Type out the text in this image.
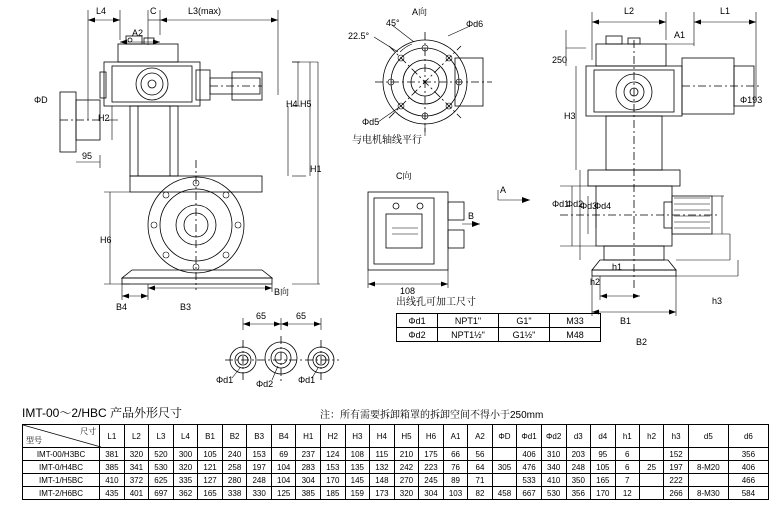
L4	C	L3(max)
A2
ΦD
H2
H4 H5
H1
H6
95
B4	B3
A向
45°
22.5°
Φd5
Φd6
与电机轴线平行
C向
B
108
A
L2	L1
A1
250
H3
Φ193
Φd1
Φd2
Φd3
Φd4
h1
h2
h3
B1
B2
B向
65	65
Φd1	Φd2	Φd1
出线孔可加工尺寸
Φd1	NPT1"	G1"	M33
Φd2	NPT1½"	G1½"	M48
IMT-00～2/HBC 产品外形尺寸	注：所有需要拆卸箱罩的拆卸空间不得小于250mm
尺寸
型号	L1	L2	L3	L4	B1	B2	B3	B4	H1	H2	H3	H4	H5	H6	A1	A2	ΦD	Φd1	Φd2	d3	d4	h1	h2	h3	d5	d6
IMT-00/H3BC	381	320	520	300	105	240	153	69	237	124	108	115	210	175	66	56		406	310	203	95	6		152		356
IMT-0/H4BC	385	341	530	320	121	258	197	104	283	153	135	132	242	223	76	64	305	476	340	248	105	6	25	197	8-M20	406
IMT-1/H5BC	410	372	625	335	127	280	248	104	304	170	145	148	270	245	89	71		533	410	350	165	7		222		466
IMT-2/H6BC	435	401	697	362	165	338	330	125	385	185	159	173	320	304	103	82	458	667	530	356	170	12		266	8-M30	584
